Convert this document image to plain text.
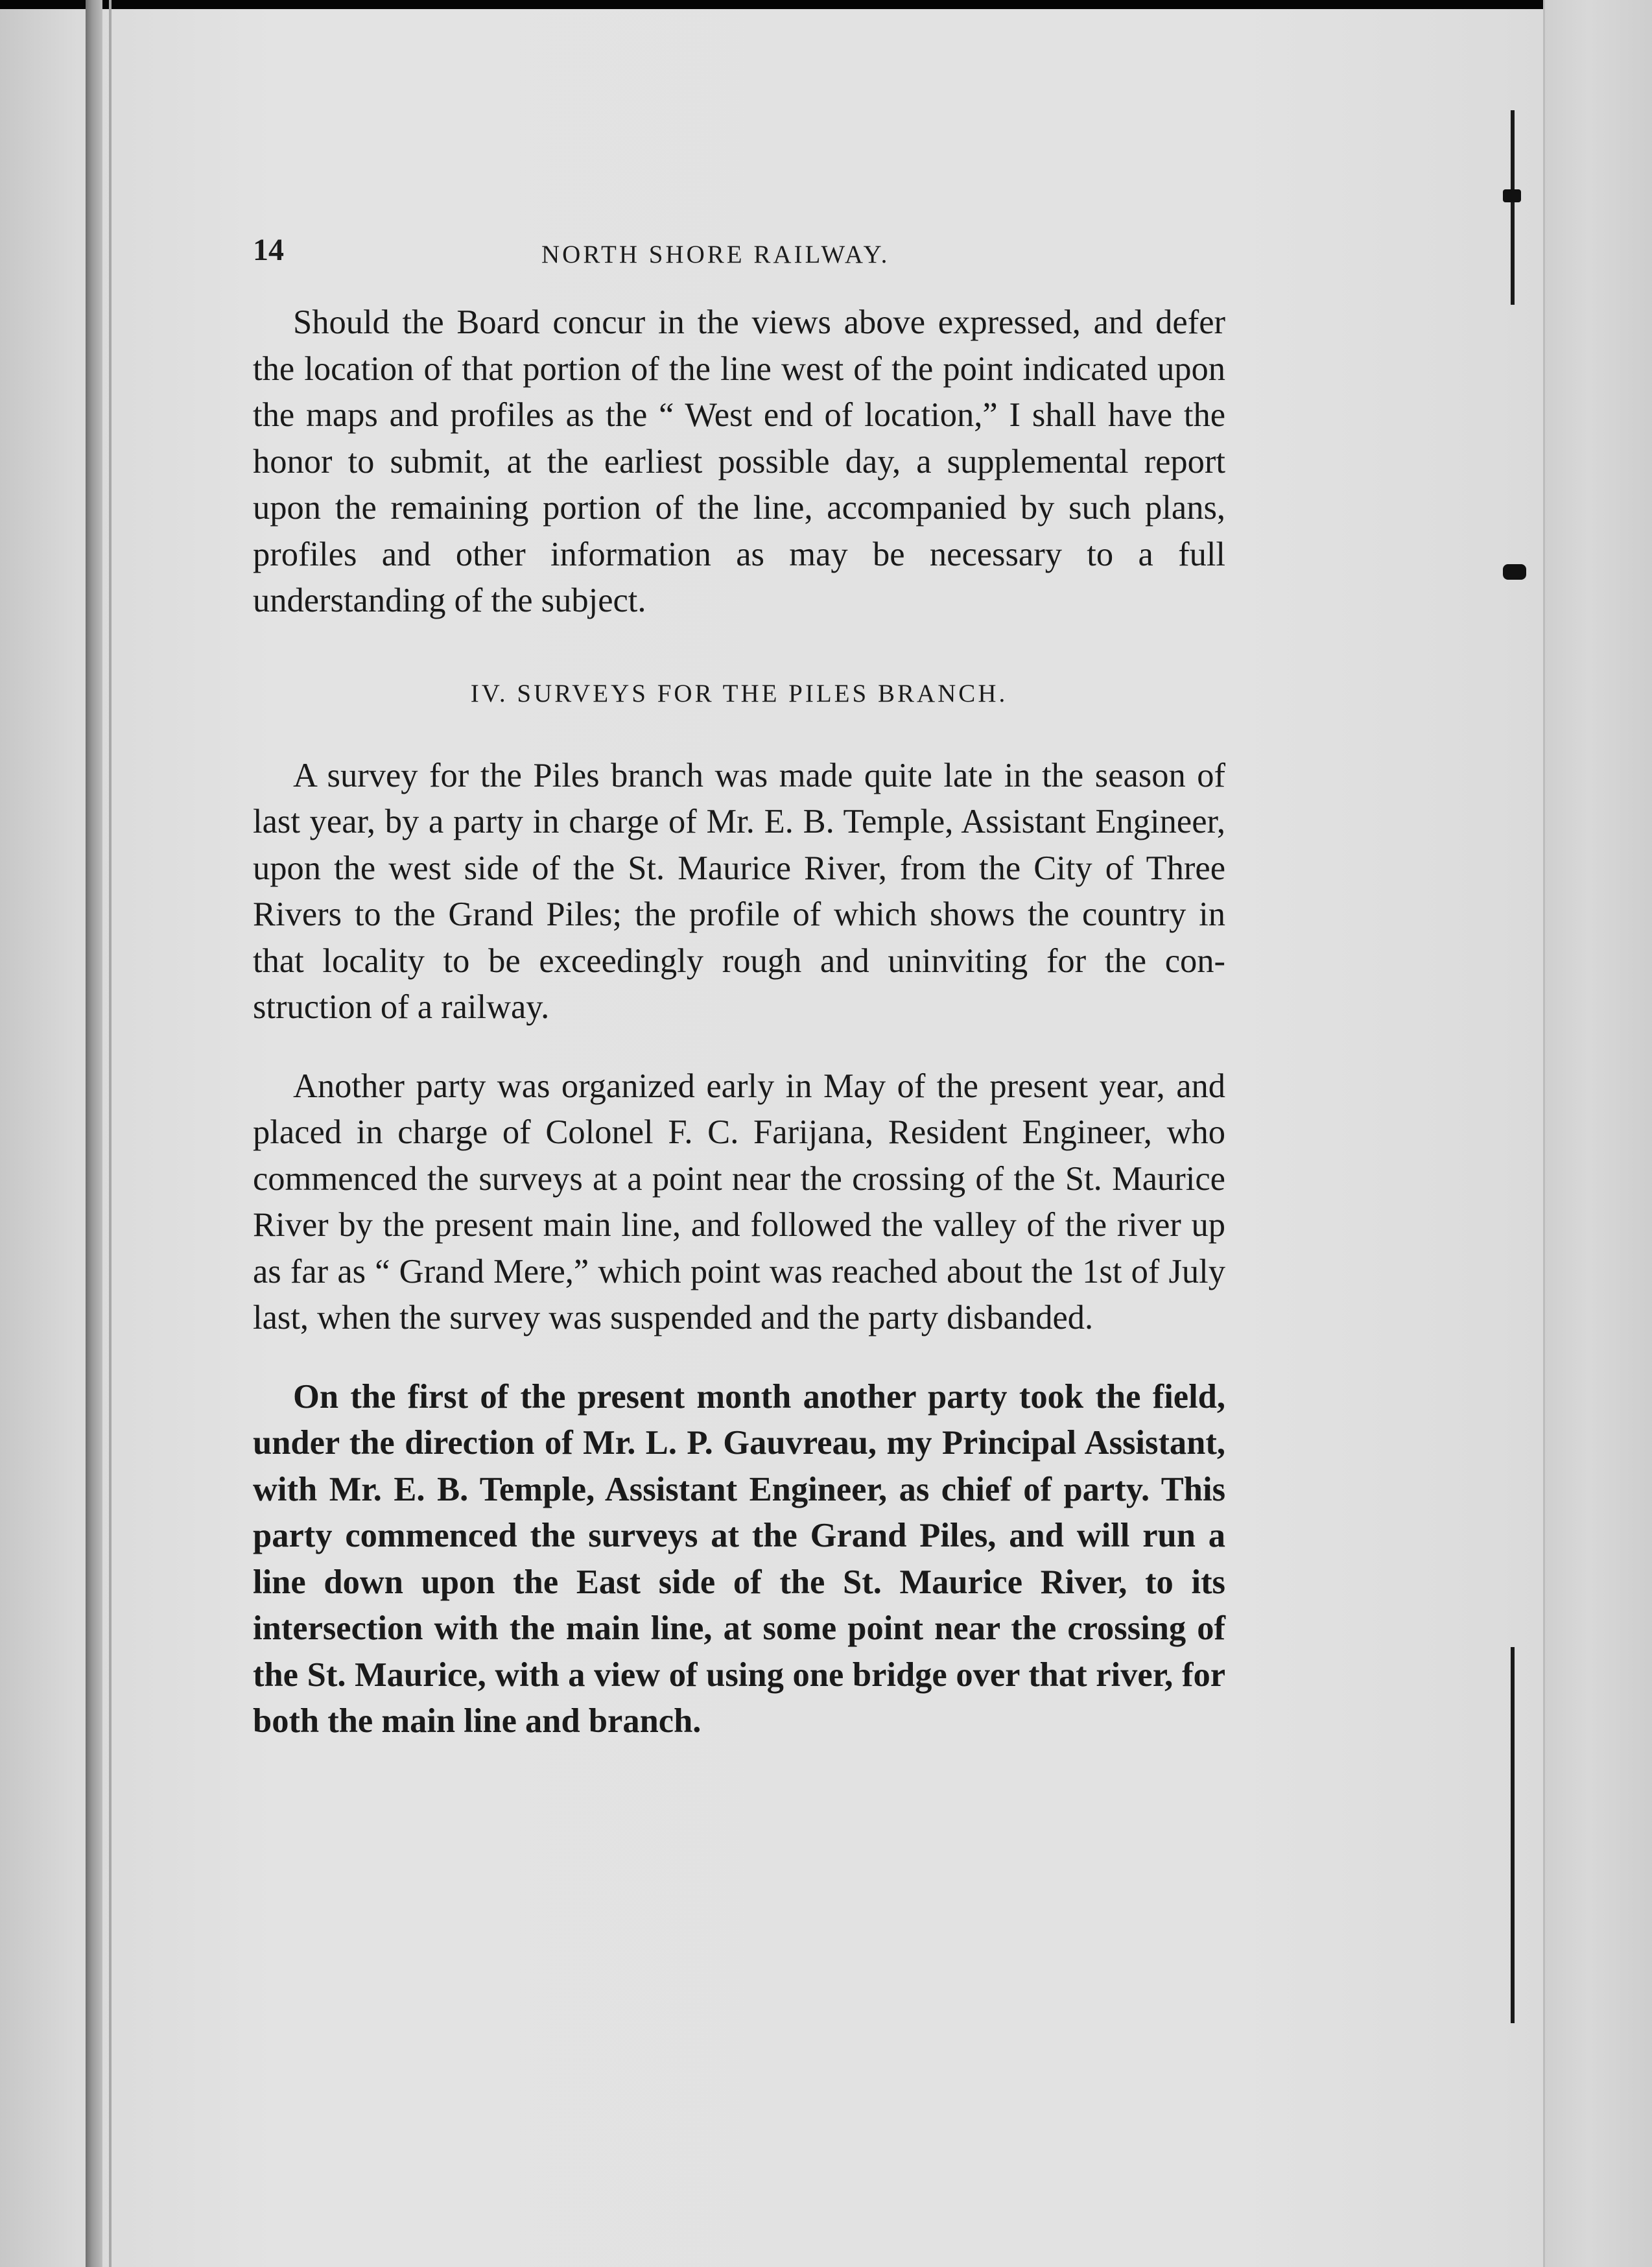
14	NORTH SHORE RAILWAY.

Should the Board concur in the views above expressed, and defer the location of that portion of the line west of the point indicated upon the maps and profiles as the “ West end of location,” I shall have the honor to submit, at the earliest possible day, a supplemental report upon the remaining portion of the line, accompanied by such plans, profiles and other information as may be necessary to a full understanding of the subject.

IV. SURVEYS FOR THE PILES BRANCH.

A survey for the Piles branch was made quite late in the season of last year, by a party in charge of Mr. E. B. Temple, Assistant Engineer, upon the west side of the St. Maurice River, from the City of Three Rivers to the Grand Piles; the profile of which shows the country in that locality to be exceedingly rough and uninviting for the construction of a railway.

Another party was organized early in May of the present year, and placed in charge of Colonel F. C. Farijana, Resident Engineer, who commenced the surveys at a point near the crossing of the St. Maurice River by the present main line, and followed the valley of the river up as far as “ Grand Mere,” which point was reached about the 1st of July last, when the survey was suspended and the party disbanded.

On the first of the present month another party took the field, under the direction of Mr. L. P. Gauvreau, my Principal Assistant, with Mr. E. B. Temple, Assistant Engineer, as chief of party. This party commenced the surveys at the Grand Piles, and will run a line down upon the East side of the St. Maurice River, to its intersection with the main line, at some point near the crossing of the St. Maurice, with a view of using one bridge over that river, for both the main line and branch.
